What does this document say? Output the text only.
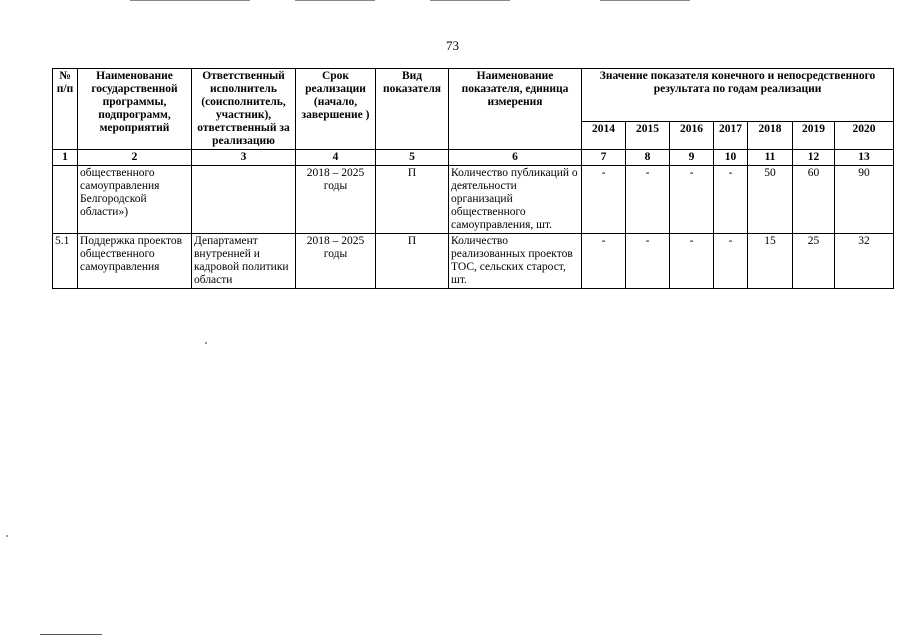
73
№ п/п	Наименование государственной программы, подпрограмм, мероприятий	Ответственный исполнитель (соисполнитель, участник), ответственный за реализацию	Срок реализации (начало, завершение )	Вид показателя	Наименование показателя, единица измерения	Значение показателя конечного и непосредственного результата по годам реализации						
						2014	2015	2016	2017	2018	2019	2020
1	2	3	4	5	6	7	8	9	10	11	12	13
	общественного самоуправления Белгородской области»)		2018 – 2025 годы	П	Количество публикаций о деятельности организаций общественного самоуправления, шт.	-	-	-	-	50	60	90
5.1	Поддержка проектов общественного самоуправления	Департамент внутренней и кадровой политики области	2018 – 2025 годы	П	Количество реализованных проектов ТОС, сельских старост, шт.	-	-	-	-	15	25	32
